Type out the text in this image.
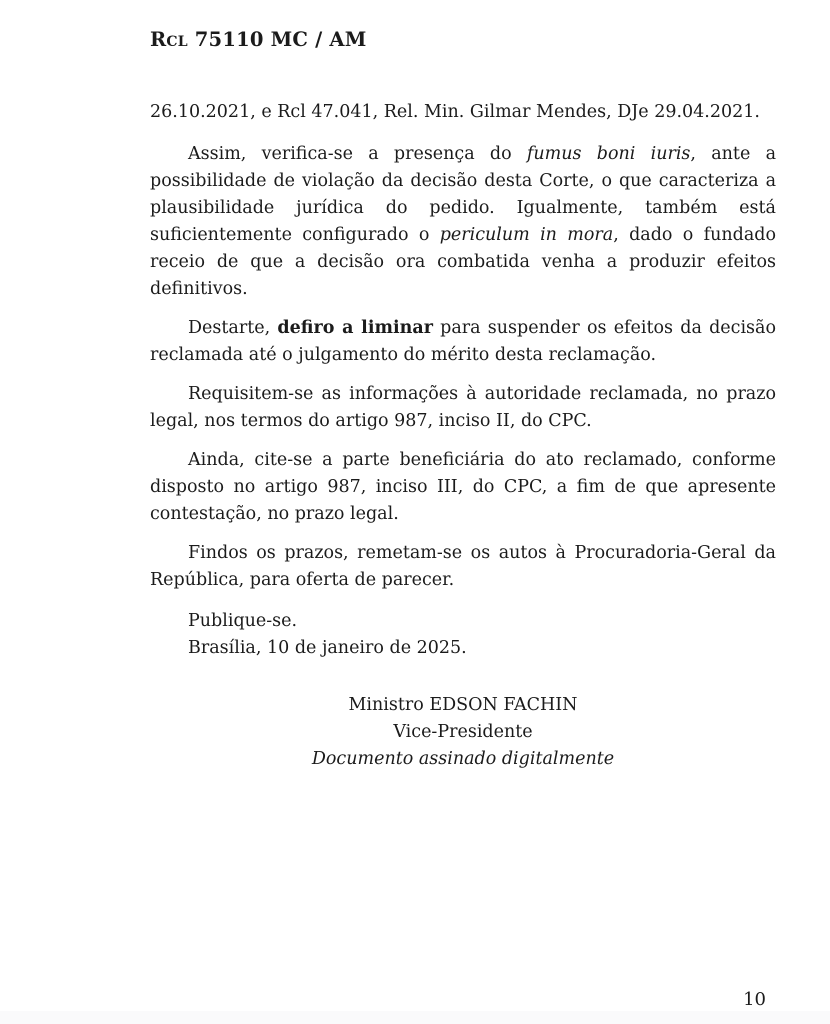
Rcl 75110 MC / AM

26.10.2021, e Rcl 47.041, Rel. Min. Gilmar Mendes, DJe 29.04.2021.

Assim, verifica-se a presença do fumus boni iuris, ante a possibilidade de violação da decisão desta Corte, o que caracteriza a plausibilidade jurídica do pedido. Igualmente, também está suficientemente configurado o periculum in mora, dado o fundado receio de que a decisão ora combatida venha a produzir efeitos definitivos.

Destarte, defiro a liminar para suspender os efeitos da decisão reclamada até o julgamento do mérito desta reclamação.

Requisitem-se as informações à autoridade reclamada, no prazo legal, nos termos do artigo 987, inciso II, do CPC.

Ainda, cite-se a parte beneficiária do ato reclamado, conforme disposto no artigo 987, inciso III, do CPC, a fim de que apresente contestação, no prazo legal.

Findos os prazos, remetam-se os autos à Procuradoria-Geral da República, para oferta de parecer.

Publique-se.

Brasília, 10 de janeiro de 2025.

Ministro EDSON FACHIN

Vice-Presidente

Documento assinado digitalmente

10
